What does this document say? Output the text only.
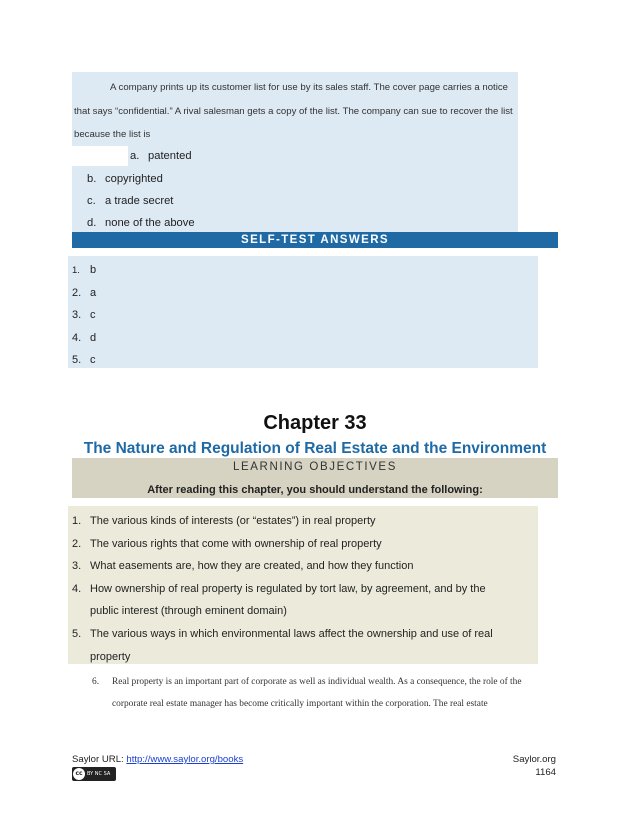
A company prints up its customer list for use by its sales staff. The cover page carries a notice
that says “confidential.” A rival salesman gets a copy of the list. The company can sue to recover the list
because the list is
a. patented
b. copyrighted
c. a trade secret
d. none of the above
SELF-TEST ANSWERS
1. b
2. a
3. c
4. d
5. c
Chapter 33
The Nature and Regulation of Real Estate and the Environment
LEARNING OBJECTIVES
After reading this chapter, you should understand the following:
1. The various kinds of interests (or “estates”) in real property
2. The various rights that come with ownership of real property
3. What easements are, how they are created, and how they function
4. How ownership of real property is regulated by tort law, by agreement, and by the
public interest (through eminent domain)
5. The various ways in which environmental laws affect the ownership and use of real
property
6. Real property is an important part of corporate as well as individual wealth. As a consequence, the role of the
corporate real estate manager has become critically important within the corporation. The real estate
Saylor URL: http://www.saylor.org/books
cc BY NC SA
Saylor.org
1164
